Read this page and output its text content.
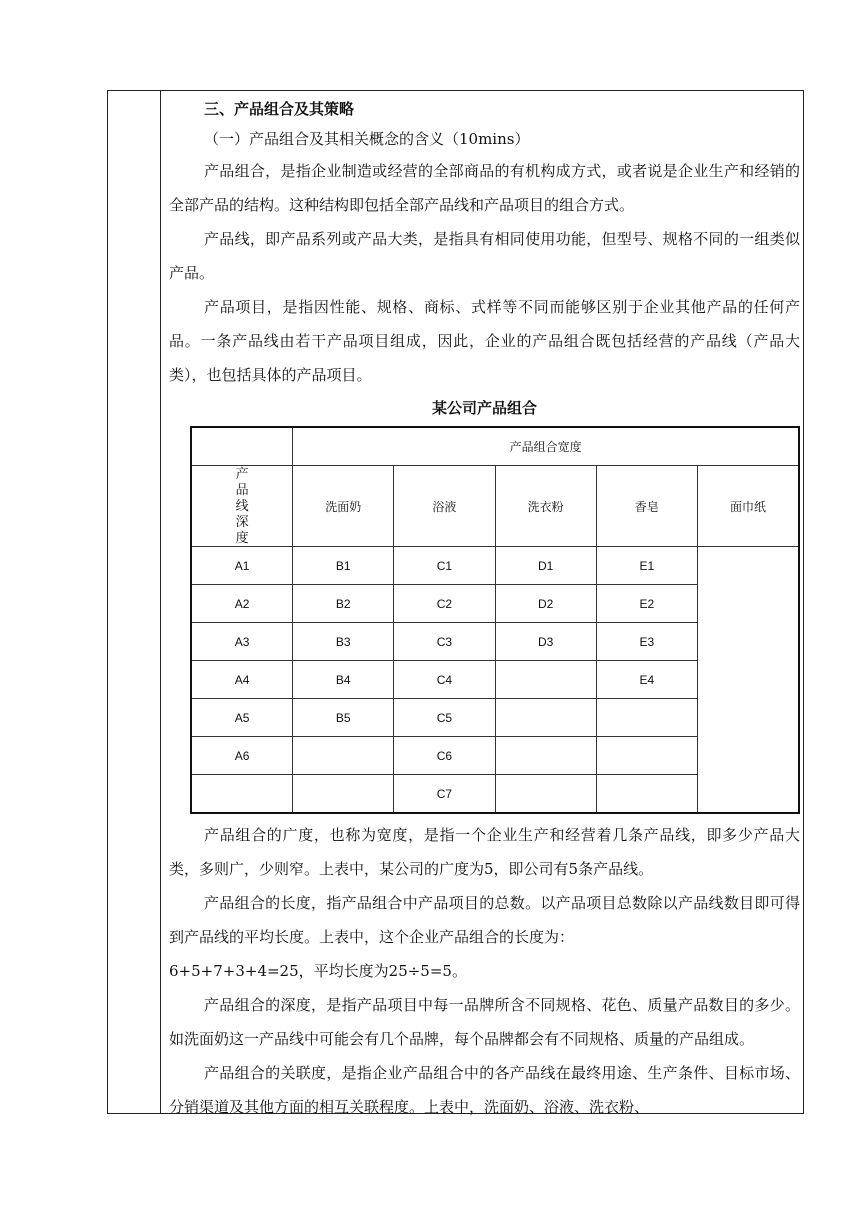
三、产品组合及其策略

（一）产品组合及其相关概念的含义（10mins）

产品组合，是指企业制造或经营的全部商品的有机构成方式，或者说是企业生产和经销的全部产品的结构。这种结构即包括全部产品线和产品项目的组合方式。

产品线，即产品系列或产品大类，是指具有相同使用功能，但型号、规格不同的一组类似产品。

产品项目，是指因性能、规格、商标、式样等不同而能够区别于企业其他产品的任何产品。一条产品线由若干产品项目组成，因此，企业的产品组合既包括经营的产品线（产品大类），也包括具体的产品项目。

某公司产品组合
	产品组合宽度				
产品线深度	洗面奶	浴液	洗衣粉	香皂	面巾纸
A1	B1	C1	D1	E1	
A2	B2	C2	D2	E2	
A3	B3	C3	D3	E3	
A4	B4	C4		E4	
A5	B5	C5			
A6		C6			
		C7			

产品组合的广度，也称为宽度，是指一个企业生产和经营着几条产品线，即多少产品大类，多则广，少则窄。上表中，某公司的广度为5，即公司有5条产品线。

产品组合的长度，指产品组合中产品项目的总数。以产品项目总数除以产品线数目即可得到产品线的平均长度。上表中，这个企业产品组合的长度为：

6+5+7+3+4=25，平均长度为25÷5=5。

产品组合的深度，是指产品项目中每一品牌所含不同规格、花色、质量产品数目的多少。如洗面奶这一产品线中可能会有几个品牌，每个品牌都会有不同规格、质量的产品组成。

产品组合的关联度，是指企业产品组合中的各产品线在最终用途、生产条件、目标市场、分销渠道及其他方面的相互关联程度。上表中，洗面奶、浴液、洗衣粉、
